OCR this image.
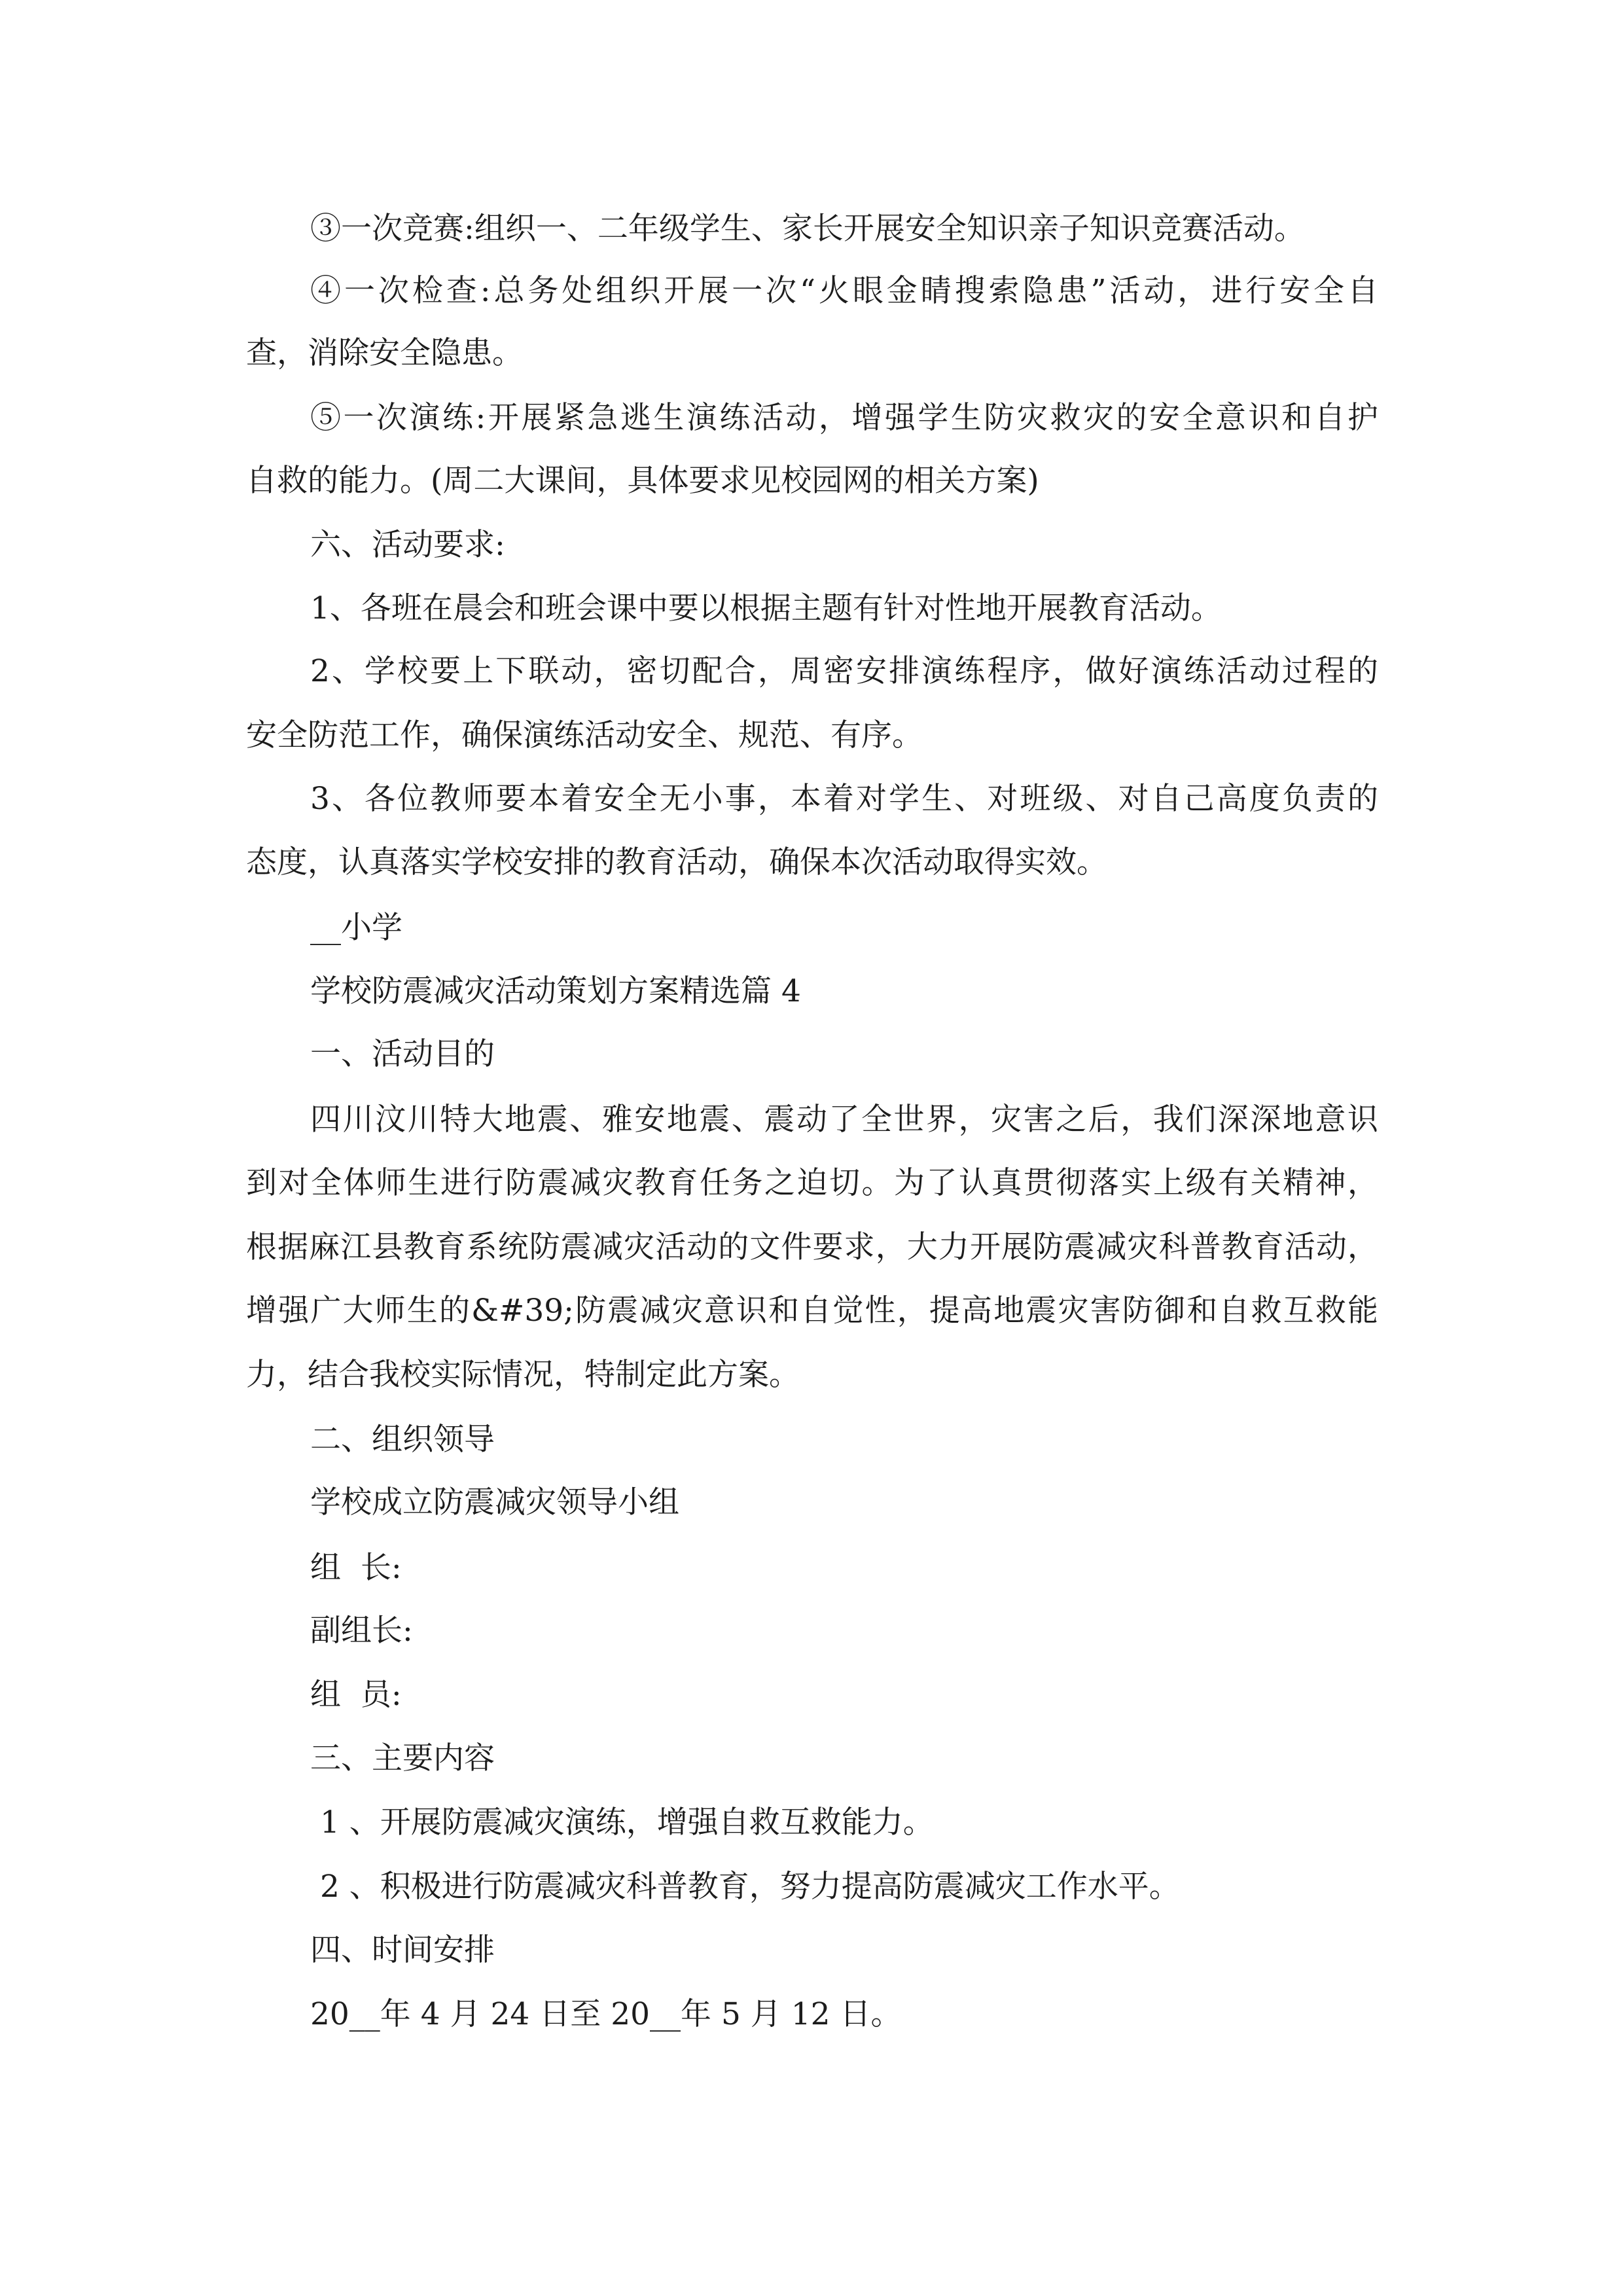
③一次竞赛:组织一、二年级学生、家长开展安全知识亲子知识竞赛活动。
④一次检查:总务处组织开展一次“火眼金睛搜索隐患”活动，进行安全自
查，消除安全隐患。
⑤一次演练:开展紧急逃生演练活动，增强学生防灾救灾的安全意识和自护
自救的能力。(周二大课间，具体要求见校园网的相关方案)
六、活动要求:
1、各班在晨会和班会课中要以根据主题有针对性地开展教育活动。
2、学校要上下联动，密切配合，周密安排演练程序，做好演练活动过程的
安全防范工作，确保演练活动安全、规范、有序。
3、各位教师要本着安全无小事，本着对学生、对班级、对自己高度负责的
态度，认真落实学校安排的教育活动，确保本次活动取得实效。
__小学
学校防震减灾活动策划方案精选篇 4
一、活动目的
四川汶川特大地震、雅安地震、震动了全世界，灾害之后，我们深深地意识
到对全体师生进行防震减灾教育任务之迫切。为了认真贯彻落实上级有关精神，
根据麻江县教育系统防震减灾活动的文件要求，大力开展防震减灾科普教育活动，
增强广大师生的&#39;防震减灾意识和自觉性，提高地震灾害防御和自救互救能
力，结合我校实际情况，特制定此方案。
二、组织领导
学校成立防震减灾领导小组
组  长:
副组长:
组  员:
三、主要内容
1 、开展防震减灾演练，增强自救互救能力。
2 、积极进行防震减灾科普教育，努力提高防震减灾工作水平。
四、时间安排
20__年 4 月 24 日至 20__年 5 月 12 日。
